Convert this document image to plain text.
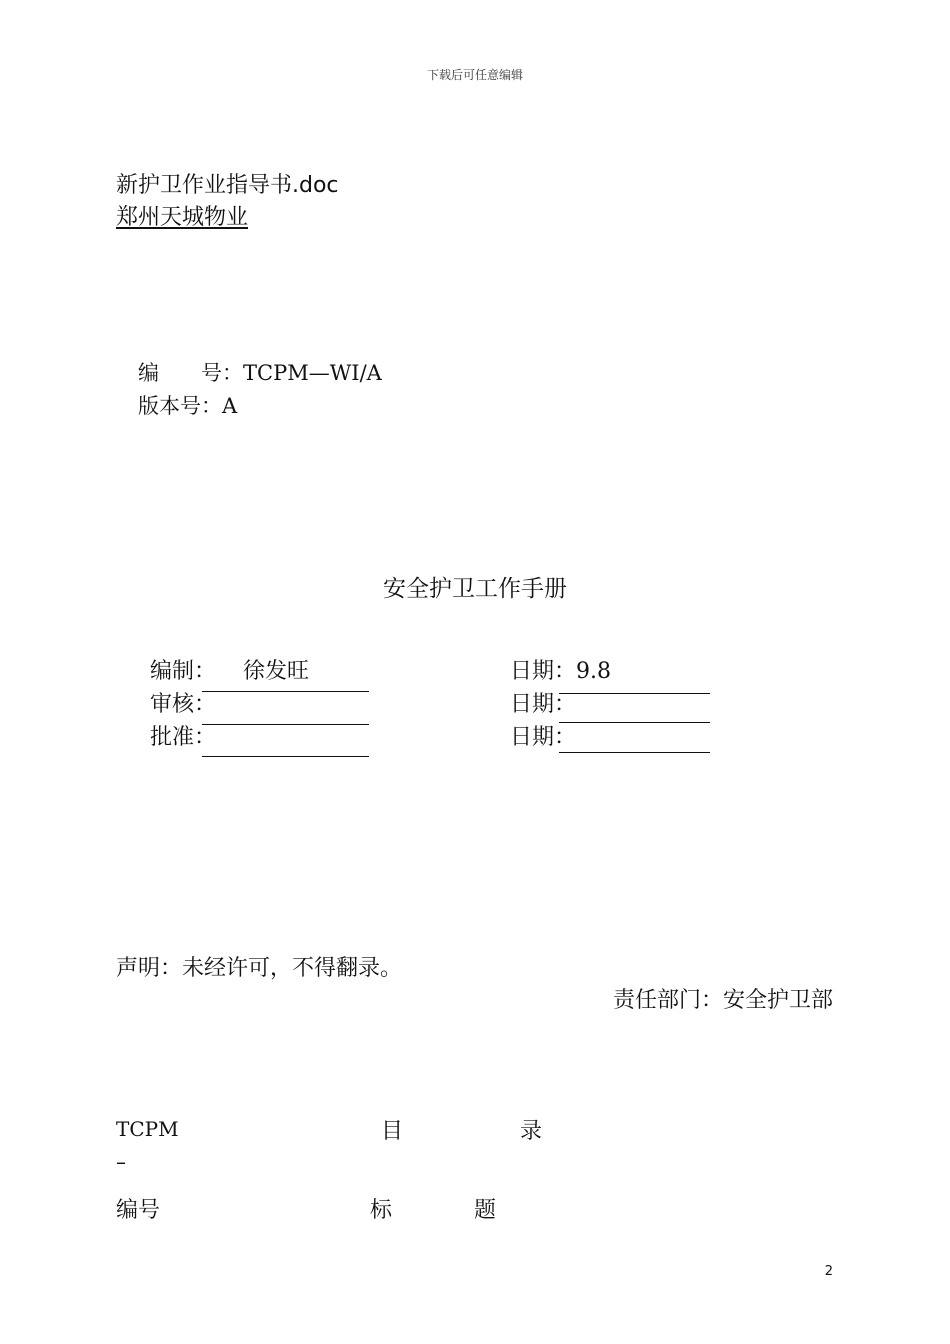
下载后可任意编辑
新护卫作业指导书.doc
郑州天城物业
编　　号：TCPM—WI/A
版本号：A
安全护卫工作手册
编制： 徐发旺	日期：9.8
审核：	日期：
批准：	日期：
声明：未经许可，不得翻录。
责任部门：安全护卫部
TCPM
–
目	录
编号	标	题
2
